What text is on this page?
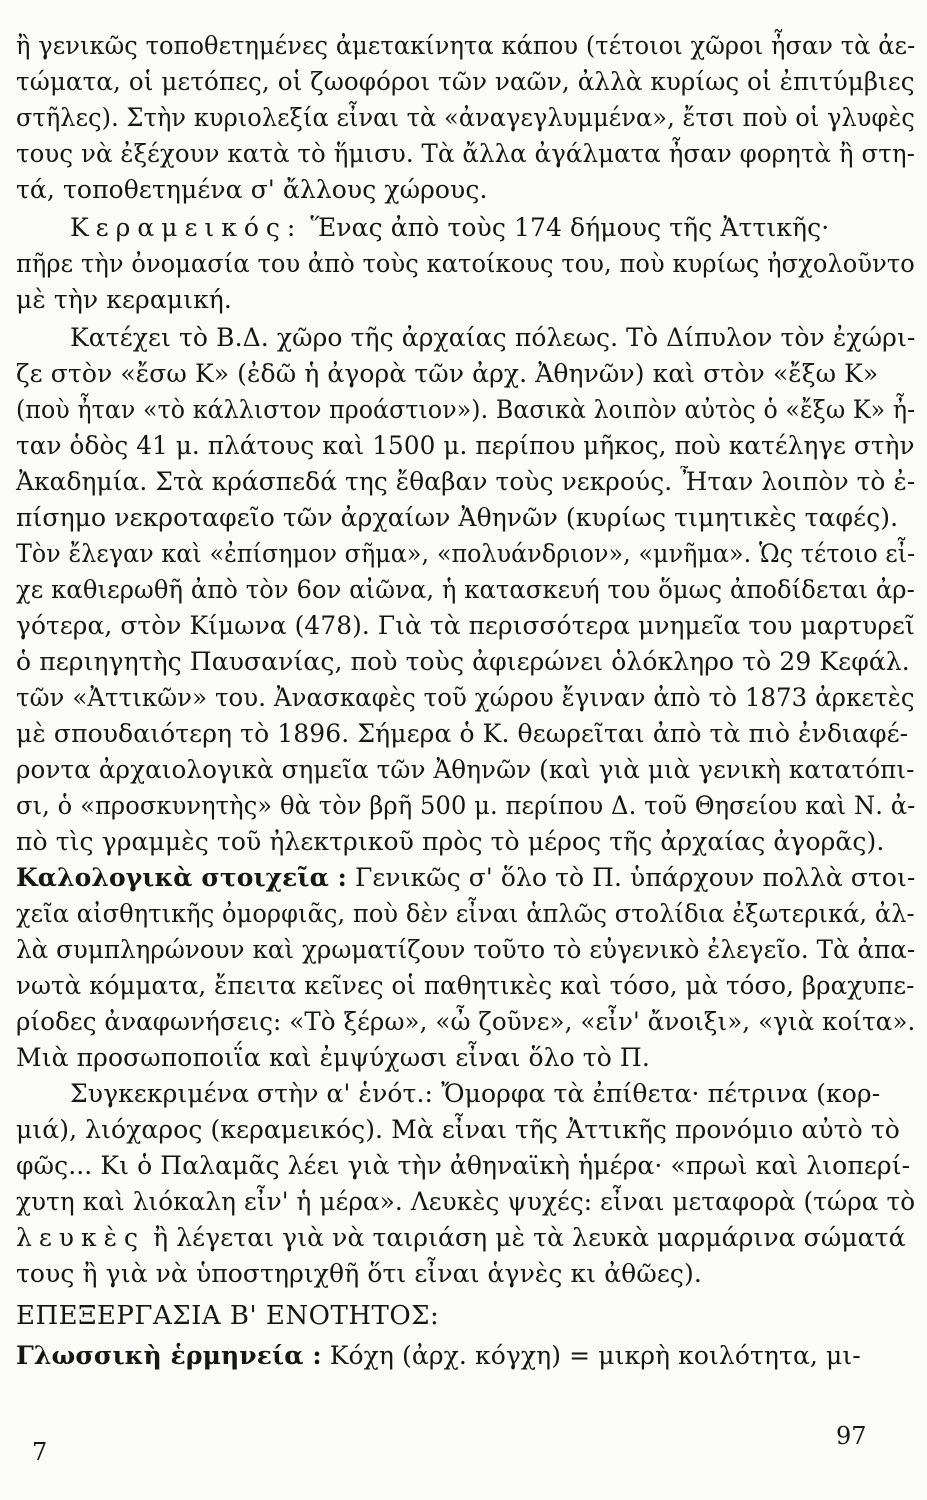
ἢ γενικῶς τοποθετημένες ἀμετακίνητα κάπου (τέτοιοι χῶροι ἦσαν τὰ ἀε-
τώματα, οἱ μετόπες, οἱ ζωοφόροι τῶν ναῶν, ἀλλὰ κυρίως οἱ ἐπιτύμβιες
στῆλες). Στὴν κυριολεξία εἶναι τὰ «ἀναγεγλυμμένα», ἔτσι ποὺ οἱ γλυφὲς
τους νὰ ἐξέχουν κατὰ τὸ ἥμισυ. Τὰ ἄλλα ἀγάλματα ἦσαν φορητὰ ἢ στη-
τά, τοποθετημένα σ' ἄλλους χώρους.
Κεραμεικός: Ἕνας ἀπὸ τοὺς 174 δήμους τῆς Ἀττικῆς·
πῆρε τὴν ὀνομασία του ἀπὸ τοὺς κατοίκους του, ποὺ κυρίως ἠσχολοῦντο
μὲ τὴν κεραμική.
Κατέχει τὸ Β.Δ. χῶρο τῆς ἀρχαίας πόλεως. Τὸ Δίπυλον τὸν ἐχώρι-
ζε στὸν «ἔσω Κ» (ἐδῶ ἡ ἀγορὰ τῶν ἀρχ. Ἀθηνῶν) καὶ στὸν «ἔξω Κ»
(ποὺ ἦταν «τὸ κάλλιστον προάστιον»). Βασικὰ λοιπὸν αὐτὸς ὁ «ἔξω Κ» ἦ-
ταν ὁδὸς 41 μ. πλάτους καὶ 1500 μ. περίπου μῆκος, ποὺ κατέληγε στὴν
Ἀκαδημία. Στὰ κράσπεδά της ἔθαβαν τοὺς νεκρούς. Ἦταν λοιπὸν τὸ ἐ-
πίσημο νεκροταφεῖο τῶν ἀρχαίων Ἀθηνῶν (κυρίως τιμητικὲς ταφές).
Τὸν ἔλεγαν καὶ «ἐπίσημον σῆμα», «πολυάνδριον», «μνῆμα». Ὡς τέτοιο εἶ-
χε καθιερωθῆ ἀπὸ τὸν 6ον αἰῶνα, ἡ κατασκευή του ὅμως ἀποδίδεται ἀρ-
γότερα, στὸν Κίμωνα (478). Γιὰ τὰ περισσότερα μνημεῖα του μαρτυρεῖ
ὁ περιηγητὴς Παυσανίας, ποὺ τοὺς ἀφιερώνει ὁλόκληρο τὸ 29 Κεφάλ.
τῶν «Ἀττικῶν» του. Ἀνασκαφὲς τοῦ χώρου ἔγιναν ἀπὸ τὸ 1873 ἀρκετὲς
μὲ σπουδαιότερη τὸ 1896. Σήμερα ὁ Κ. θεωρεῖται ἀπὸ τὰ πιὸ ἐνδιαφέ-
ροντα ἀρχαιολογικὰ σημεῖα τῶν Ἀθηνῶν (καὶ γιὰ μιὰ γενικὴ κατατόπι-
σι, ὁ «προσκυνητὴς» θὰ τὸν βρῆ 500 μ. περίπου Δ. τοῦ Θησείου καὶ Ν. ἀ-
πὸ τὶς γραμμὲς τοῦ ἠλεκτρικοῦ πρὸς τὸ μέρος τῆς ἀρχαίας ἀγορᾶς).
Καλολογικὰ στοιχεῖα : Γενικῶς σ' ὅλο τὸ Π. ὑπάρχουν πολλὰ στοι-
χεῖα αἰσθητικῆς ὀμορφιᾶς, ποὺ δὲν εἶναι ἁπλῶς στολίδια ἐξωτερικά, ἀλ-
λὰ συμπληρώνουν καὶ χρωματίζουν τοῦτο τὸ εὐγενικὸ ἐλεγεῖο. Τὰ ἀπα-
νωτὰ κόμματα, ἔπειτα κεῖνες οἱ παθητικὲς καὶ τόσο, μὰ τόσο, βραχυπε-
ρίοδες ἀναφωνήσεις: «Τὸ ξέρω», «ὦ ζοῦνε», «εἶν' ἄνοιξι», «γιὰ κοίτα».
Μιὰ προσωποποιΐα καὶ ἐμψύχωσι εἶναι ὅλο τὸ Π.
Συγκεκριμένα στὴν α' ἑνότ.: Ὄμορφα τὰ ἐπίθετα· πέτρινα (κορ-
μιά), λιόχαρος (κεραμεικός). Μὰ εἶναι τῆς Ἀττικῆς προνόμιο αὐτὸ τὸ
φῶς... Κι ὁ Παλαμᾶς λέει γιὰ τὴν ἀθηναϊκὴ ἡμέρα· «πρωὶ καὶ λιοπερί-
χυτη καὶ λιόκαλη εἶν' ἡ μέρα». Λευκὲς ψυχές: εἶναι μεταφορὰ (τώρα τὸ
λευκὲς ἢ λέγεται γιὰ νὰ ταιριάση μὲ τὰ λευκὰ μαρμάρινα σώματά
τους ἢ γιὰ νὰ ὑποστηριχθῆ ὅτι εἶναι ἁγνὲς κι ἀθῶες).
ΕΠΕΞΕΡΓΑΣΙΑ Β' ΕΝΟΤΗΤΟΣ:
Γλωσσικὴ ἑρμηνεία : Κόχη (ἀρχ. κόγχη) = μικρὴ κοιλότητα, μι-
7
97
